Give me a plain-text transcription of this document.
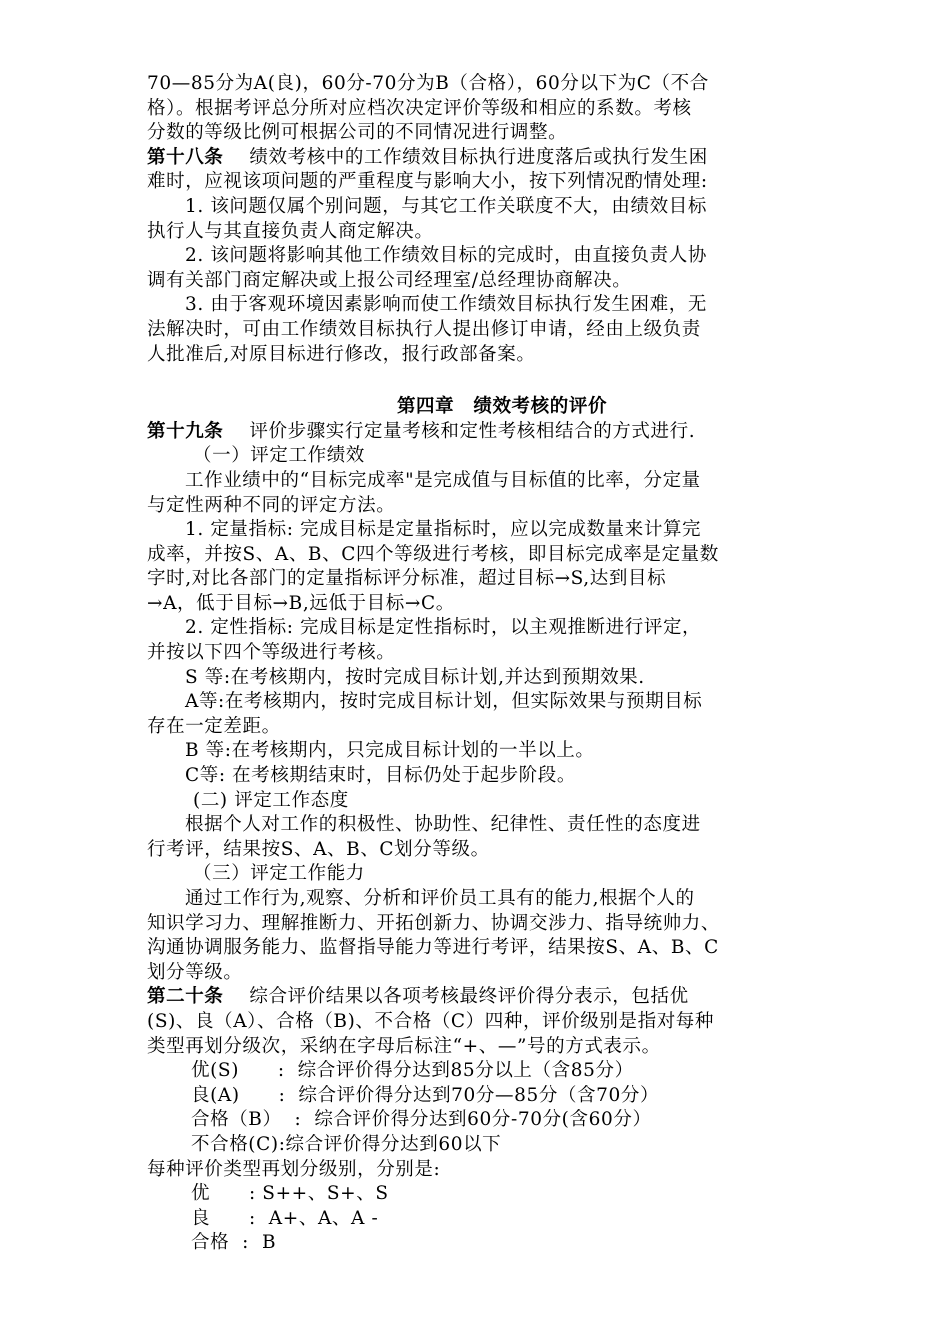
70—85分为A(良)，60分-70分为B（合格），60分以下为C（不合

格）。根据考评总分所对应档次决定评价等级和相应的系数。考核

分数的等级比例可根据公司的不同情况进行调整。

第十八条 绩效考核中的工作绩效目标执行进度落后或执行发生困

难时，应视该项问题的严重程度与影响大小，按下列情况酌情处理:

1. 该问题仅属个别问题，与其它工作关联度不大，由绩效目标

执行人与其直接负责人商定解决。

2. 该问题将影响其他工作绩效目标的完成时，由直接负责人协

调有关部门商定解决或上报公司经理室/总经理协商解决。

3. 由于客观环境因素影响而使工作绩效目标执行发生困难，无

法解决时，可由工作绩效目标执行人提出修订申请，经由上级负责

人批准后,对原目标进行修改，报行政部备案。

第四章　绩效考核的评价

第十九条 评价步骤实行定量考核和定性考核相结合的方式进行.

（一）评定工作绩效

工作业绩中的“目标完成率"是完成值与目标值的比率，分定量

与定性两种不同的评定方法。

1. 定量指标: 完成目标是定量指标时，应以完成数量来计算完

成率，并按S、A、B、C四个等级进行考核，即目标完成率是定量数

字时,对比各部门的定量指标评分标准，超过目标→S,达到目标

→A，低于目标→B,远低于目标→C。

2. 定性指标: 完成目标是定性指标时，以主观推断进行评定，

并按以下四个等级进行考核。

S 等:在考核期内，按时完成目标计划,并达到预期效果.

A等:在考核期内，按时完成目标计划，但实际效果与预期目标

存在一定差距。

B 等:在考核期内，只完成目标计划的一半以上。

C等: 在考核期结束时，目标仍处于起步阶段。

(二) 评定工作态度

根据个人对工作的积极性、协助性、纪律性、责任性的态度进

行考评，结果按S、A、B、C划分等级。

（三）评定工作能力

通过工作行为,观察、分析和评价员工具有的能力,根据个人的

知识学习力、理解推断力、开拓创新力、协调交涉力、指导统帅力、

沟通协调服务能力、监督指导能力等进行考评，结果按S、A、B、C

划分等级。

第二十条 综合评价结果以各项考核最终评价得分表示，包括优

(S)、良（A）、合格（B)、不合格（C）四种，评价级别是指对每种

类型再划分级次，采纳在字母后标注“+、—”号的方式表示。

优(S)      :  综合评价得分达到85分以上（含85分）

良(A)      :  综合评价得分达到70分—85分（含70分）

合格（B）  :  综合评价得分达到60分-70分(含60分）

不合格(C):综合评价得分达到60以下

每种评价类型再划分级别，分别是:

优      : S++、S+、S

良      :  A+、A、A -

合格  :  B
